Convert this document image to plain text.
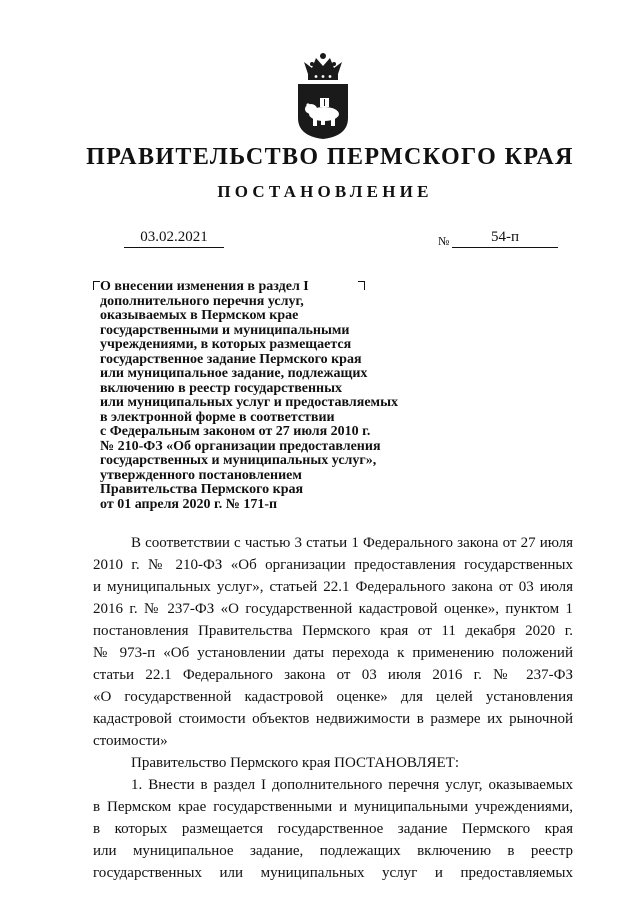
ПРАВИТЕЛЬСТВО ПЕРМСКОГО КРАЯ
ПОСТАНОВЛЕНИЕ
03.02.2021	№	54-п
О внесении изменения в раздел I
дополнительного перечня услуг,
оказываемых в Пермском крае
государственными и муниципальными
учреждениями, в которых размещается
государственное задание Пермского края
или муниципальное задание, подлежащих
включению в реестр государственных
или муниципальных услуг и предоставляемых
в электронной форме в соответствии
с Федеральным законом от 27 июля 2010 г.
№ 210-ФЗ «Об организации предоставления
государственных и муниципальных услуг»,
утвержденного постановлением
Правительства Пермского края
от 01 апреля 2020 г. № 171-п
В соответствии с частью 3 статьи 1 Федерального закона от 27 июля
2010 г. № 210-ФЗ «Об организации предоставления государственных
и муниципальных услуг», статьей 22.1 Федерального закона от 03 июля
2016 г. № 237-ФЗ «О государственной кадастровой оценке», пунктом 1
постановления Правительства Пермского края от 11 декабря 2020 г.
№ 973-п «Об установлении даты перехода к применению положений
статьи 22.1 Федерального закона от 03 июля 2016 г. № 237-ФЗ
«О государственной кадастровой оценке» для целей установления
кадастровой стоимости объектов недвижимости в размере их рыночной
стоимости»
Правительство Пермского края ПОСТАНОВЛЯЕТ:
1. Внести в раздел I дополнительного перечня услуг, оказываемых
в Пермском крае государственными и муниципальными учреждениями,
в которых размещается государственное задание Пермского края
или муниципальное задание, подлежащих включению в реестр
государственных или муниципальных услуг и предоставляемых
